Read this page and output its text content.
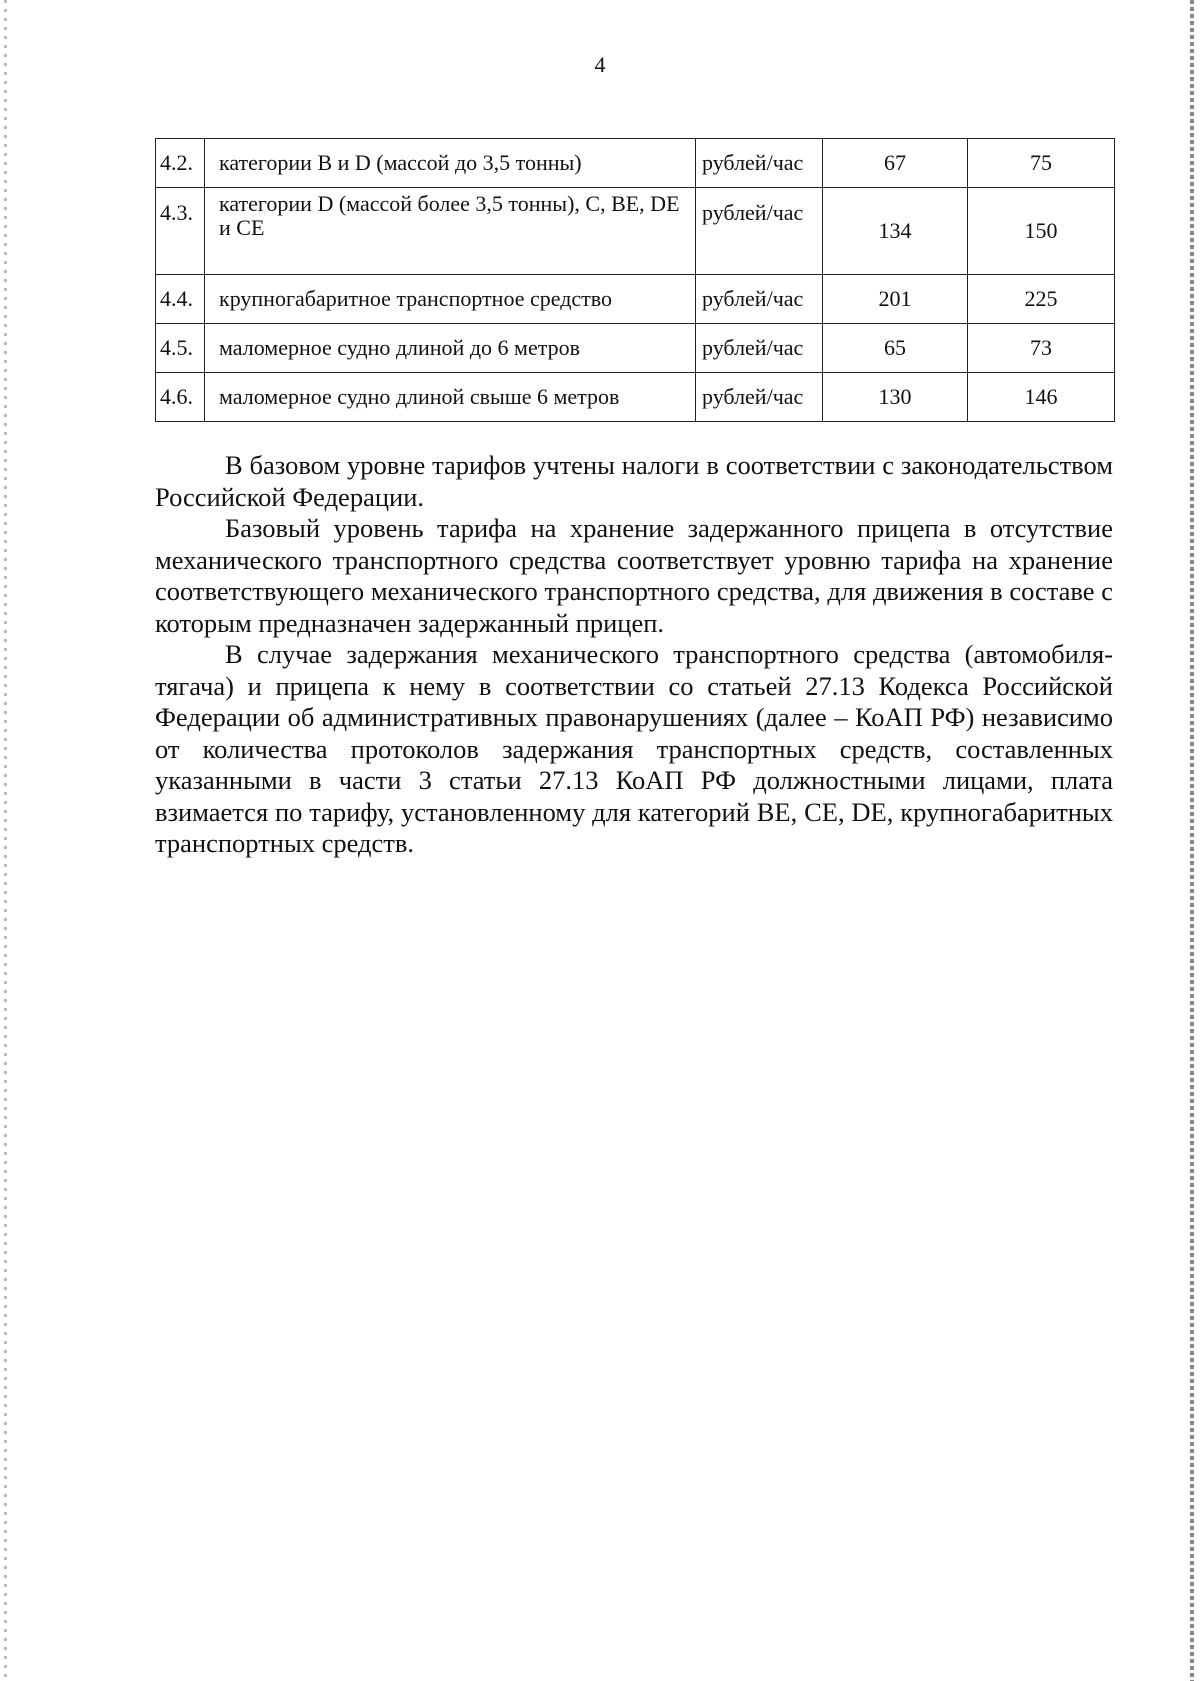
4
4.2.	категории B и D (массой до 3,5 тонны)	рублей/час	67	75
4.3.	категории D (массой более 3,5 тонны), C, BE, DE и CE	рублей/час	134	150
4.4.	крупногабаритное транспортное средство	рублей/час	201	225
4.5.	маломерное судно длиной до 6 метров	рублей/час	65	73
4.6.	маломерное судно длиной свыше 6 метров	рублей/час	130	146

В базовом уровне тарифов учтены налоги в соответствии с законодательством Российской Федерации.

Базовый уровень тарифа на хранение задержанного прицепа в отсутствие механического транспортного средства соответствует уровню тарифа на хранение соответствующего механического транспортного средства, для движения в составе с которым предназначен задержанный прицеп.

В случае задержания механического транспортного средства (автомобиля-тягача) и прицепа к нему в соответствии со статьей 27.13 Кодекса Российской Федерации об административных правонарушениях (далее – КоАП РФ) независимо от количества протоколов задержания транспортных средств, составленных указанными в части 3 статьи 27.13 КоАП РФ должностными лицами, плата взимается по тарифу, установленному для категорий BE, CE, DE, крупногабаритных транспортных средств.
